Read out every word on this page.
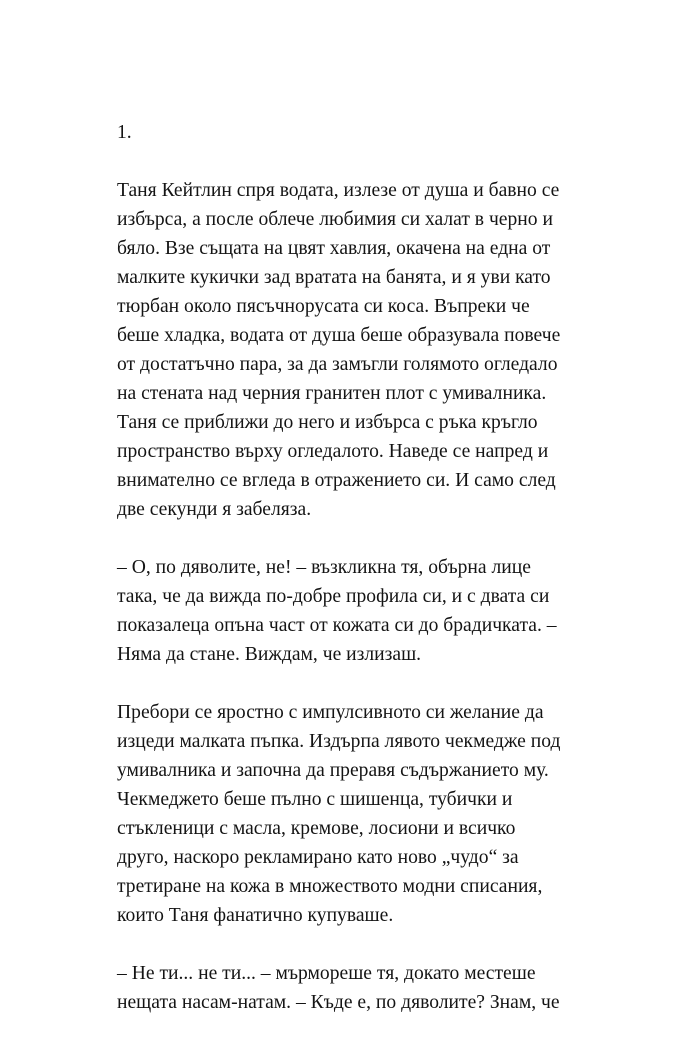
1.
Таня Кейтлин спря водата, излезе от душа и бавно се
избърса, а после облече любимия си халат в черно и
бяло. Взе същата на цвят хавлия, окачена на една от
малките кукички зад вратата на банята, и я уви като
тюрбан около пясъчнорусата си коса. Въпреки че
беше хладка, водата от душа беше образувала повече
от достатъчно пара, за да замъгли голямото огледало
на стената над черния гранитен плот с умивалника.
Таня се приближи до него и избърса с ръка кръгло
пространство върху огледалото. Наведе се напред и
внимателно се вгледа в отражението си. И само след
две секунди я забеляза.
– О, по дяволите, не! – възкликна тя, обърна лице
така, че да вижда по-добре профила си, и с двата си
показалеца опъна част от кожата си до брадичката. –
Няма да стане. Виждам, че излизаш.
Пребори се яростно с импулсивното си желание да
изцеди малката пъпка. Издърпа лявото чекмедже под
умивалника и започна да преравя съдържанието му.
Чекмеджето беше пълно с шишенца, тубички и
стъкленици с масла, кремове, лосиони и всичко
друго, наскоро рекламирано като ново „чудо“ за
третиране на кожа в множеството модни списания,
които Таня фанатично купуваше.
– Не ти... не ти... – мърмореше тя, докато местеше
нещата насам-натам. – Къде е, по дяволите? Знам, че
